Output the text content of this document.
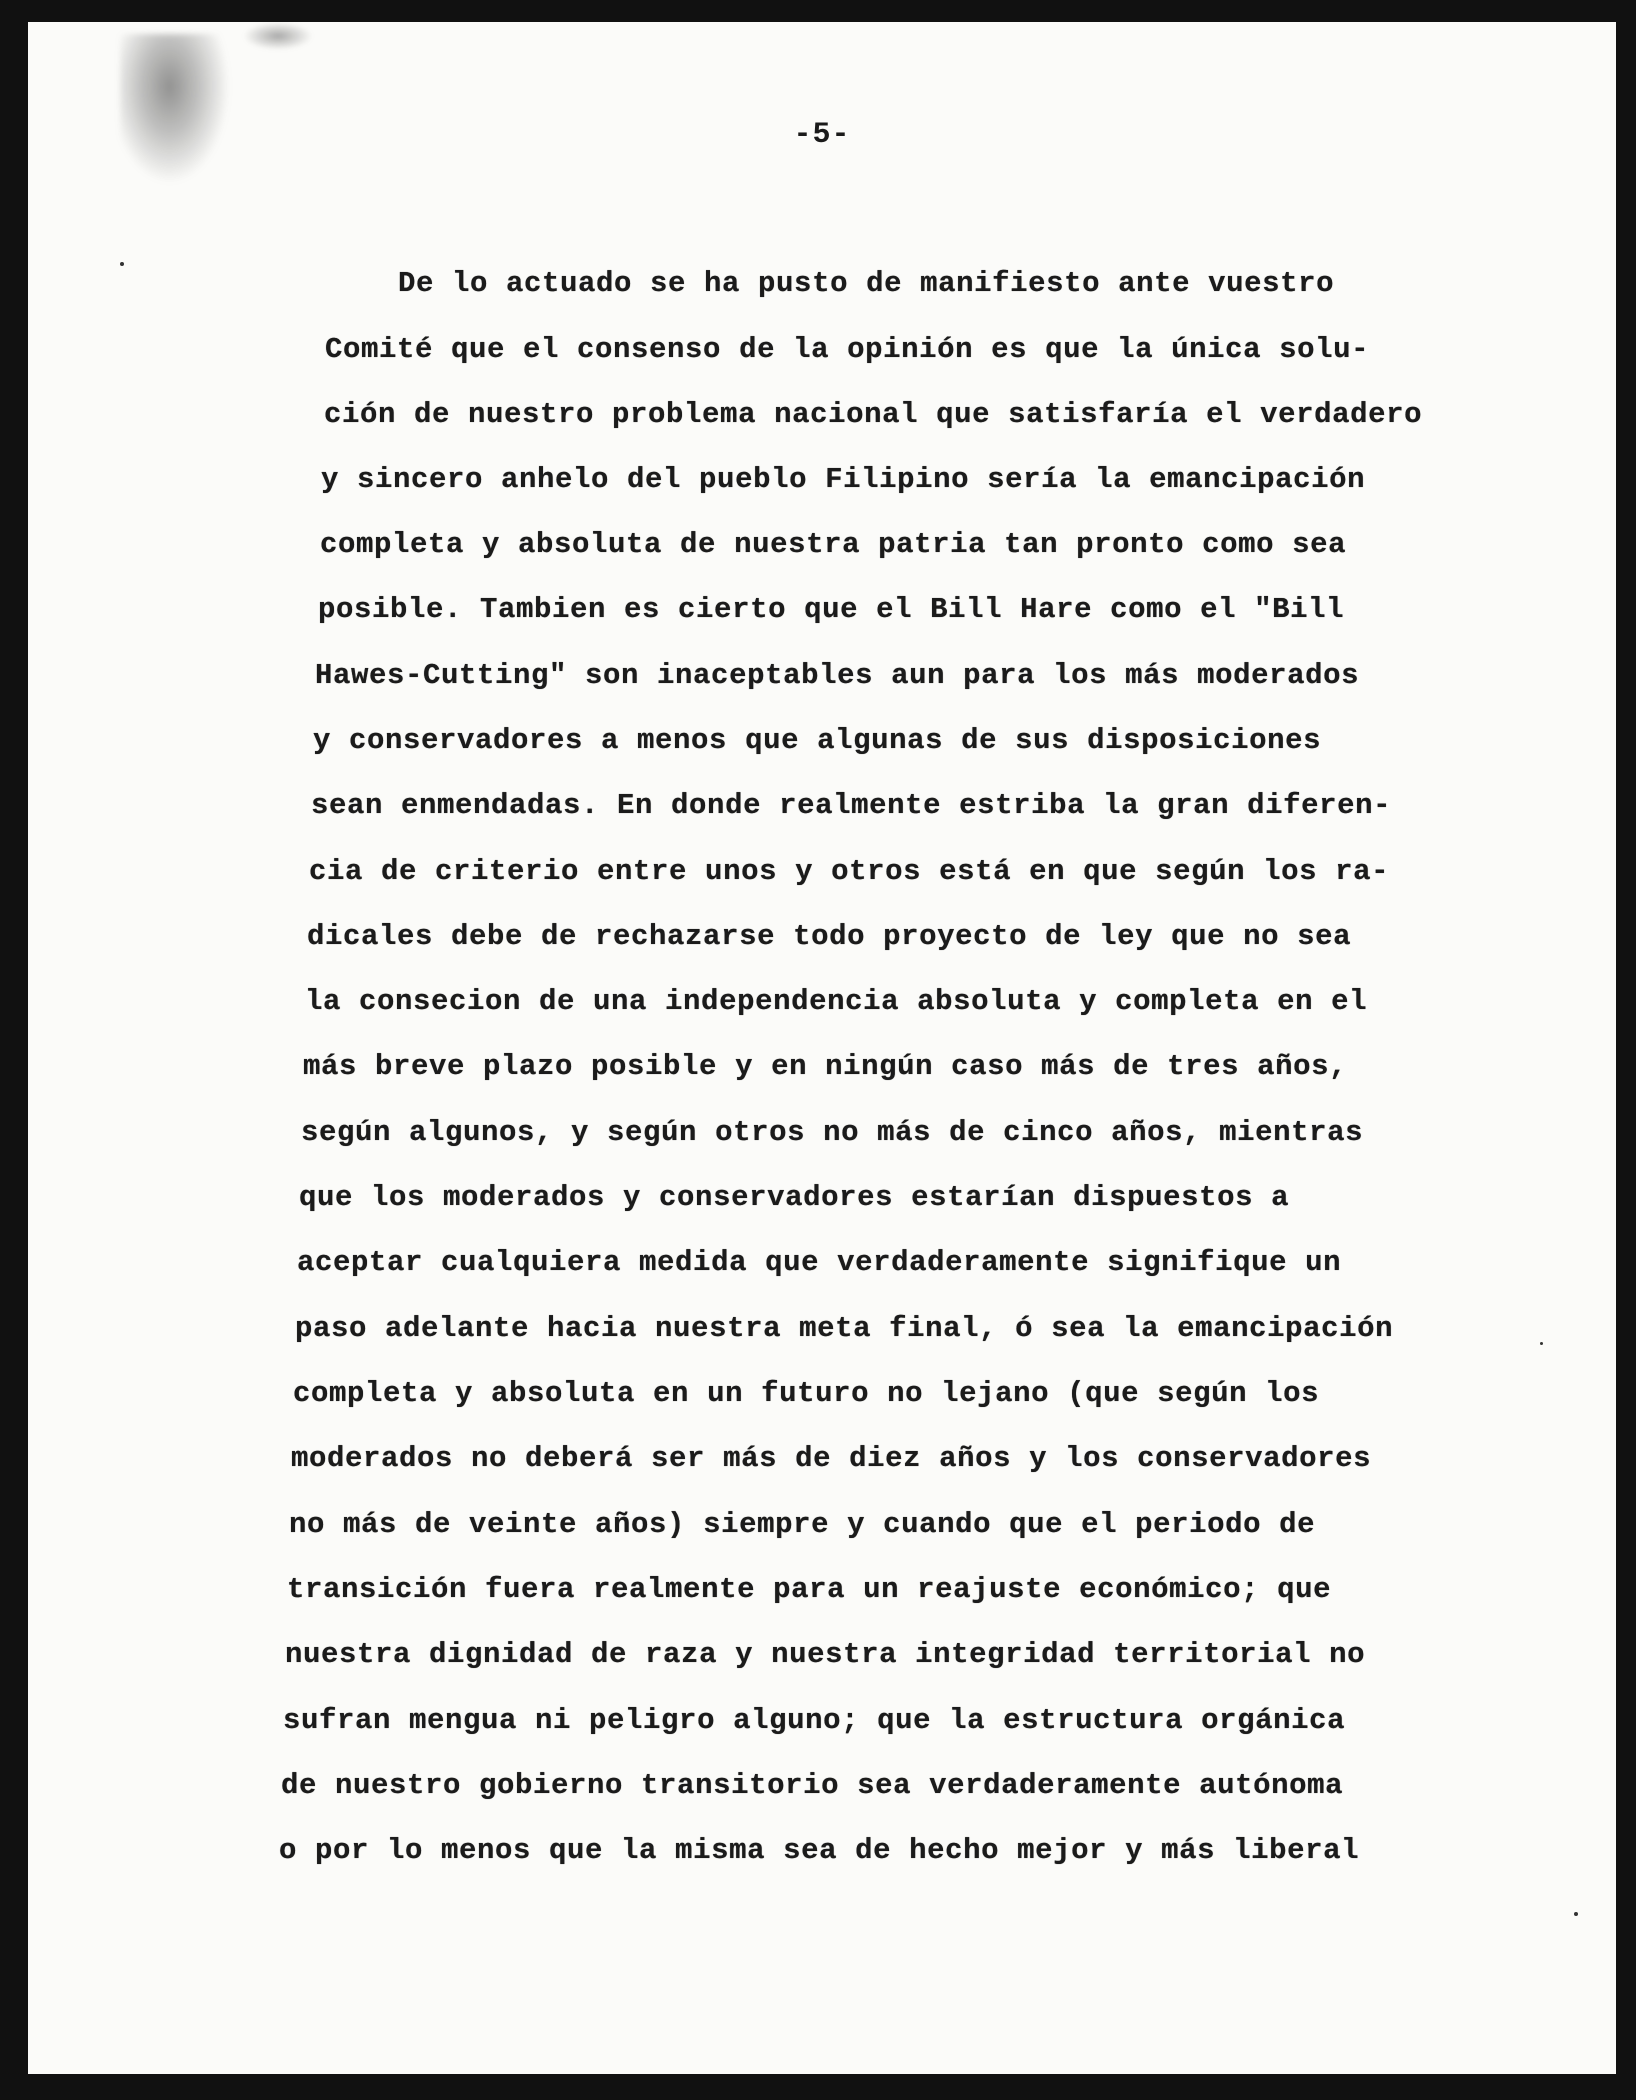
-5-
De lo actuado se ha pusto de manifiesto ante vuestro
Comité que el consenso de la opinión es que la única solu-
ción de nuestro problema nacional que satisfaría el verdadero
y sincero anhelo del pueblo Filipino sería la emancipación
completa y absoluta de nuestra patria tan pronto como sea
posible. Tambien es cierto que el Bill Hare como el "Bill
Hawes-Cutting" son inaceptables aun para los más moderados
y conservadores a menos que algunas de sus disposiciones
sean enmendadas. En donde realmente estriba la gran diferen-
cia de criterio entre unos y otros está en que según los ra-
dicales debe de rechazarse todo proyecto de ley que no sea
la consecion de una independencia absoluta y completa en el
más breve plazo posible y en ningún caso más de tres años,
según algunos, y según otros no más de cinco años, mientras
que los moderados y conservadores estarían dispuestos a
aceptar cualquiera medida que verdaderamente signifique un
paso adelante hacia nuestra meta final, ó sea la emancipación
completa y absoluta en un futuro no lejano (que según los
moderados no deberá ser más de diez años y los conservadores
no más de veinte años) siempre y cuando que el periodo de
transición fuera realmente para un reajuste económico; que
nuestra dignidad de raza y nuestra integridad territorial no
sufran mengua ni peligro alguno; que la estructura orgánica
de nuestro gobierno transitorio sea verdaderamente autónoma
o por lo menos que la misma sea de hecho mejor y más liberal
